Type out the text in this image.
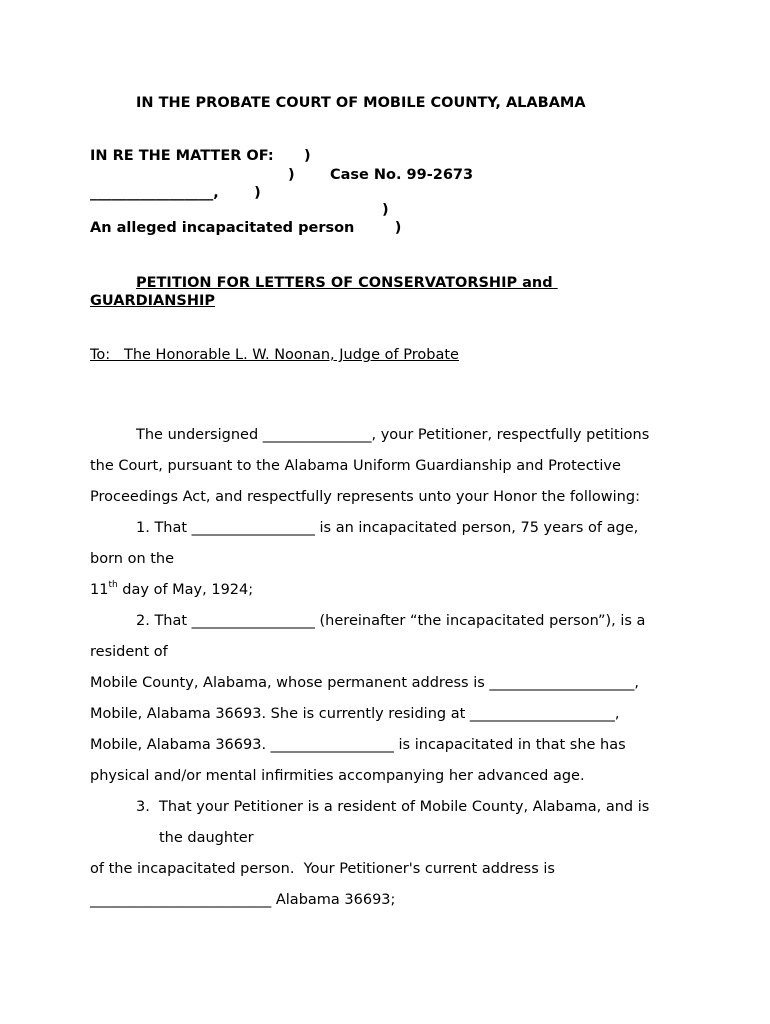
IN THE PROBATE COURT OF MOBILE COUNTY, ALABAMA
IN RE THE MATTER OF:      )
)       Case No. 99-2673
_________________,       )
)
An alleged incapacitated person        )
PETITION FOR LETTERS OF CONSERVATORSHIP and
GUARDIANSHIP
To:   The Honorable L. W. Noonan, Judge of Probate
The undersigned _______________, your Petitioner, respectfully petitions
the Court, pursuant to the Alabama Uniform Guardianship and Protective
Proceedings Act, and respectfully represents unto your Honor the following:
1. That _________________ is an incapacitated person, 75 years of age,
born on the
11th day of May, 1924;
2. That _________________ (hereinafter “the incapacitated person”), is a
resident of
Mobile County, Alabama, whose permanent address is ____________________,
Mobile, Alabama 36693. She is currently residing at ____________________,
Mobile, Alabama 36693. _________________ is incapacitated in that she has
physical and/or mental infirmities accompanying her advanced age.
3.  That your Petitioner is a resident of Mobile County, Alabama, and is
the daughter
of the incapacitated person.  Your Petitioner's current address is
_________________________ Alabama 36693;
